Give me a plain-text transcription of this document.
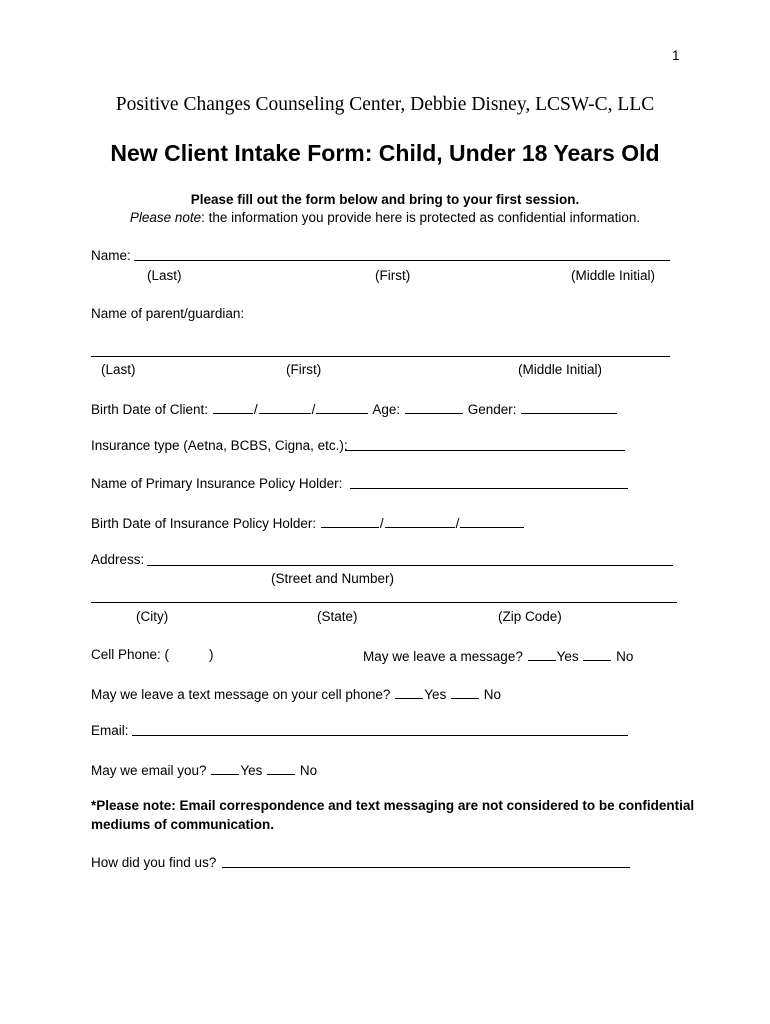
1
Positive Changes Counseling Center, Debbie Disney, LCSW-C, LLC
New Client Intake Form: Child, Under 18 Years Old
Please fill out the form below and bring to your first session.
Please note: the information you provide here is protected as confidential information.
Name:
(Last)	(First)	(Middle Initial)
Name of parent/guardian:
(Last)	(First)	(Middle Initial)
Birth Date of Client:	/	/	Age:	Gender:
Insurance type (Aetna, BCBS, Cigna, etc.):
Name of Primary Insurance Policy Holder:
Birth Date of Insurance Policy Holder:	/	/
Address:
(Street and Number)
(City)	(State)	(Zip Code)
Cell Phone: (	)	May we leave a message?	Yes	No
May we leave a text message on your cell phone?	Yes	No
Email:
May we email you?	Yes	No
*Please note: Email correspondence and text messaging are not considered to be confidential
mediums of communication.
How did you find us?
